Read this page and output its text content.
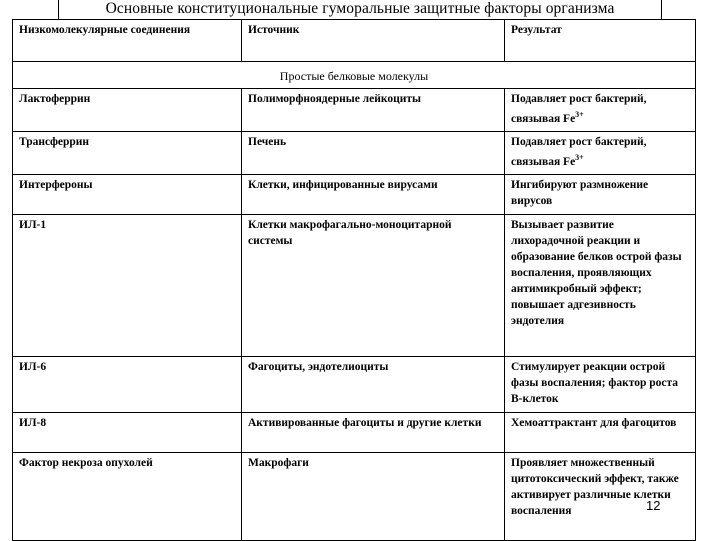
Основные конституциональные гуморальные защитные факторы организма
Низкомолекулярные соединения	Источник	Результат
Простые белковые молекулы		
Лактоферрин	Полиморфноядерные лейкоциты	Подавляет рост бактерий, связывая $Fe^{3+}$
Трансферрин	Печень	Подавляет рост бактерий, связывая $Fe^{3+}$
Интерфероны	Клетки, инфицированные вирусами	Ингибируют размножение вирусов
ИЛ-1	Клетки макрофагально-моноцитарной системы	Вызывает развитие лихорадочной реакции и образование белков острой фазы воспаления, проявляющих антимикробный эффект; повышает адгезивность эндотелия
ИЛ-6	Фагоциты, эндотелиоциты	Стимулирует реакции острой фазы воспаления; фактор роста В-клеток
ИЛ-8	Активированные фагоциты и другие клетки	Хемоаттрактант для фагоцитов
Фактор некроза опухолей	Макрофаги	Проявляет множественный цитотоксический эффект, также активирует различные клетки воспаления	12
